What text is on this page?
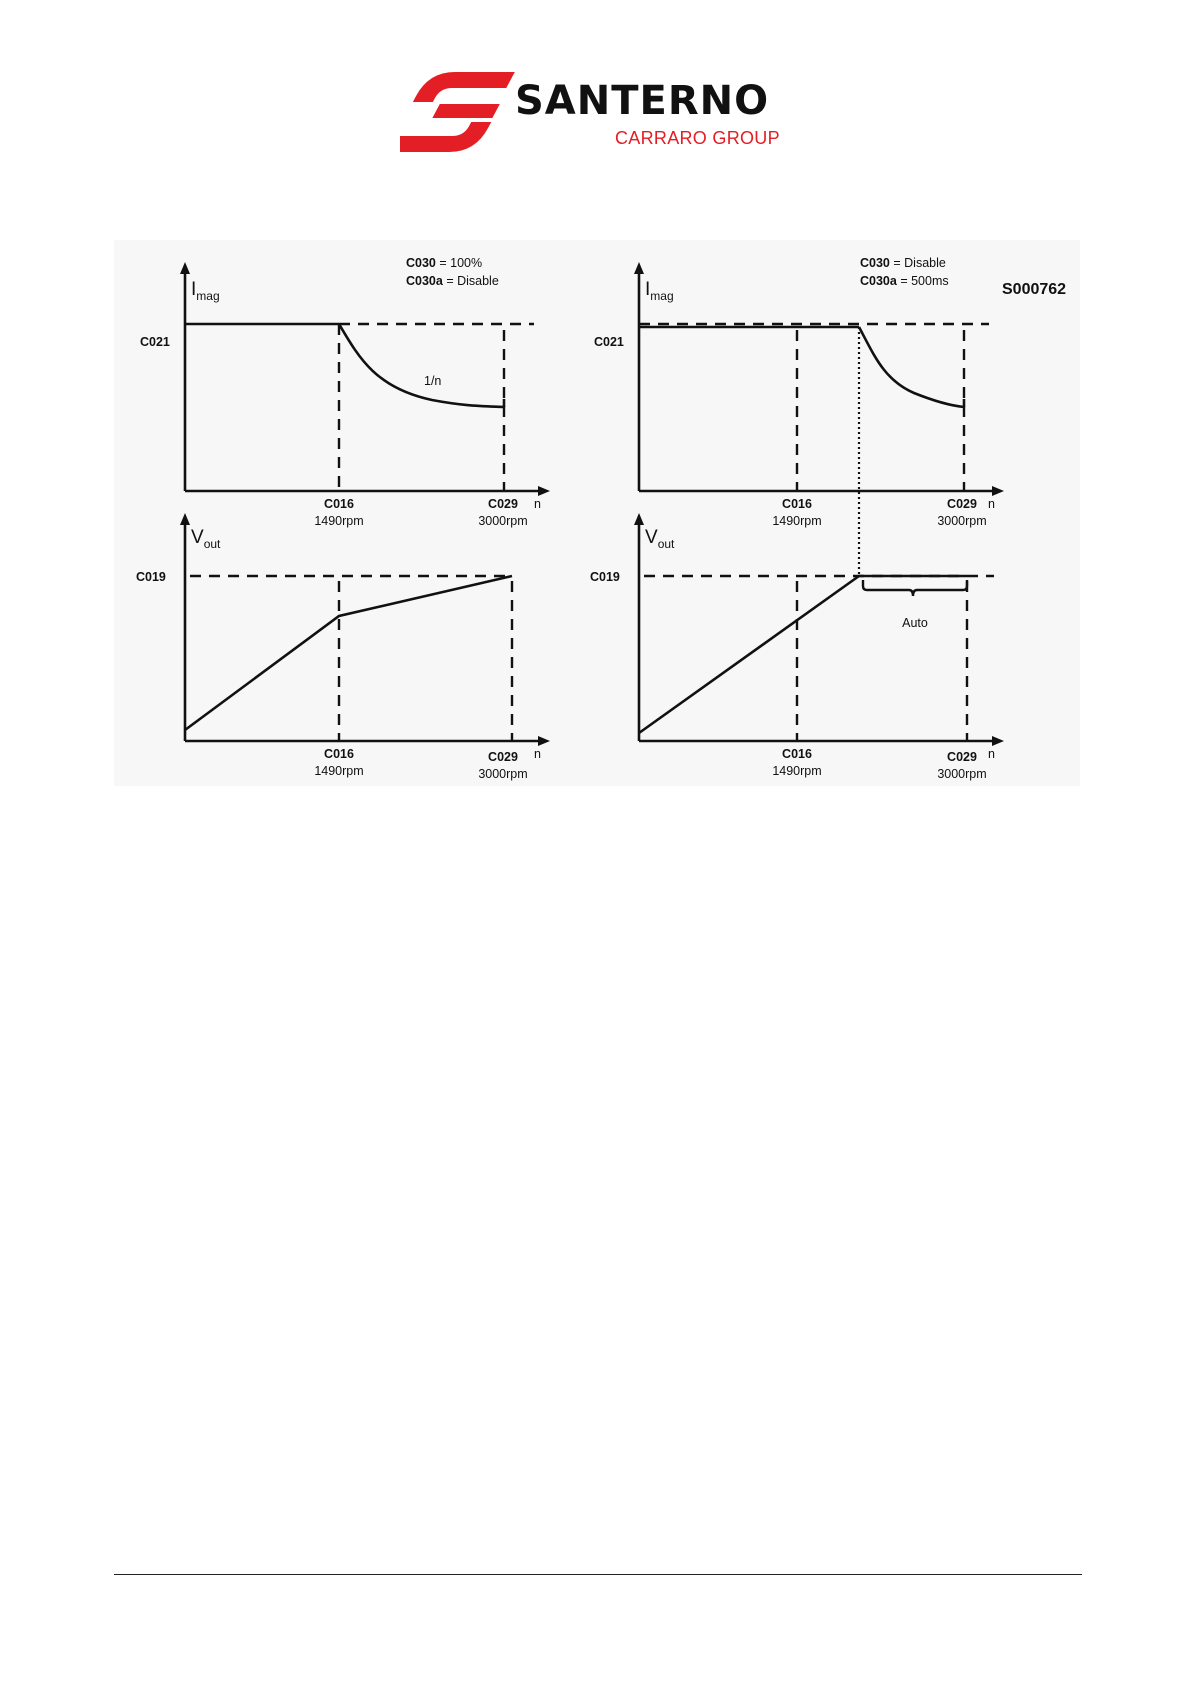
SANTERNO
CARRARO GROUP
C030 = 100%
C030a = Disable
$I_{mag}$
C021
1/n
C016
1490rpm
C029
3000rpm
n
$V_{out}$
C019
C016
1490rpm
C029
3000rpm
n
C030 = Disable
C030a = 500ms	S000762
$I_{mag}$
C021
C016
1490rpm
C029
3000rpm
n
$V_{out}$
C019
Auto
C016
1490rpm
C029
3000rpm
n
